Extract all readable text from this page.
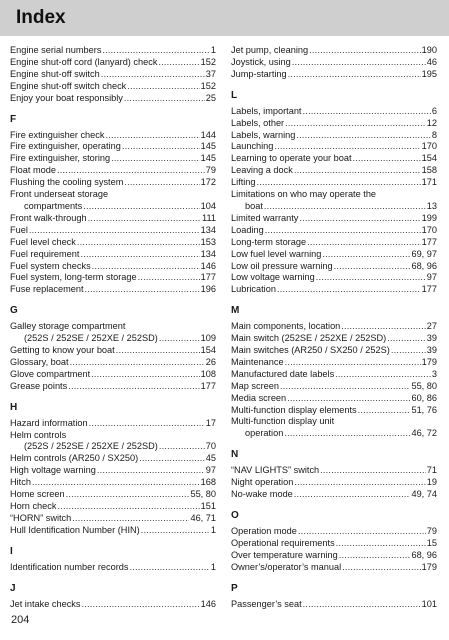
Index
Engine serial numbers .....	1
Engine shut-off cord (lanyard) check .....	152
Engine shut-off switch .....	37
Engine shut-off switch check .....	152
Enjoy your boat responsibly .....	25
F
Fire extinguisher check .....	144
Fire extinguisher, operating .....	145
Fire extinguisher, storing .....	145
Float mode .....	79
Flushing the cooling system .....	172
Front underseat storage
compartments .....	104
Front walk-through .....	111
Fuel .....	134
Fuel level check .....	153
Fuel requirement .....	134
Fuel system checks .....	146
Fuel system, long-term storage .....	177
Fuse replacement .....	196
G
Galley storage compartment
(252S / 252SE / 252XE / 252SD) .....	109
Getting to know your boat .....	154
Glossary, boat .....	26
Glove compartment .....	108
Grease points .....	177
H
Hazard information .....	17
Helm controls
(252S / 252SE / 252XE / 252SD) .....	70
Helm controls (AR250 / SX250) .....	45
High voltage warning .....	97
Hitch .....	168
Home screen .....	55, 80
Horn check .....	151
“HORN” switch .....	46, 71
Hull Identification Number (HIN) .....	1
I
Identification number records .....	1
J
Jet intake checks .....	146
Jet pump, cleaning .....	190
Joystick, using .....	46
Jump-starting .....	195
L
Labels, important .....	6
Labels, other .....	12
Labels, warning .....	8
Launching .....	170
Learning to operate your boat .....	154
Leaving a dock .....	158
Lifting .....	171
Limitations on who may operate the
boat .....	13
Limited warranty .....	199
Loading .....	170
Long-term storage .....	177
Low fuel level warning .....	69, 97
Low oil pressure warning .....	68, 96
Low voltage warning .....	97
Lubrication .....	177
M
Main components, location .....	27
Main switch (252SE / 252XE / 252SD) .....	39
Main switches (AR250 / SX250 / 252S) .....	39
Maintenance .....	179
Manufactured date labels .....	3
Map screen .....	55, 80
Media screen .....	60, 86
Multi-function display elements .....	51, 76
Multi-function display unit
operation .....	46, 72
N
“NAV LIGHTS” switch .....	71
Night operation .....	19
No-wake mode .....	49, 74
O
Operation mode .....	79
Operational requirements .....	15
Over temperature warning .....	68, 96
Owner’s/operator’s manual .....	179
P
Passenger’s seat .....	101
204
